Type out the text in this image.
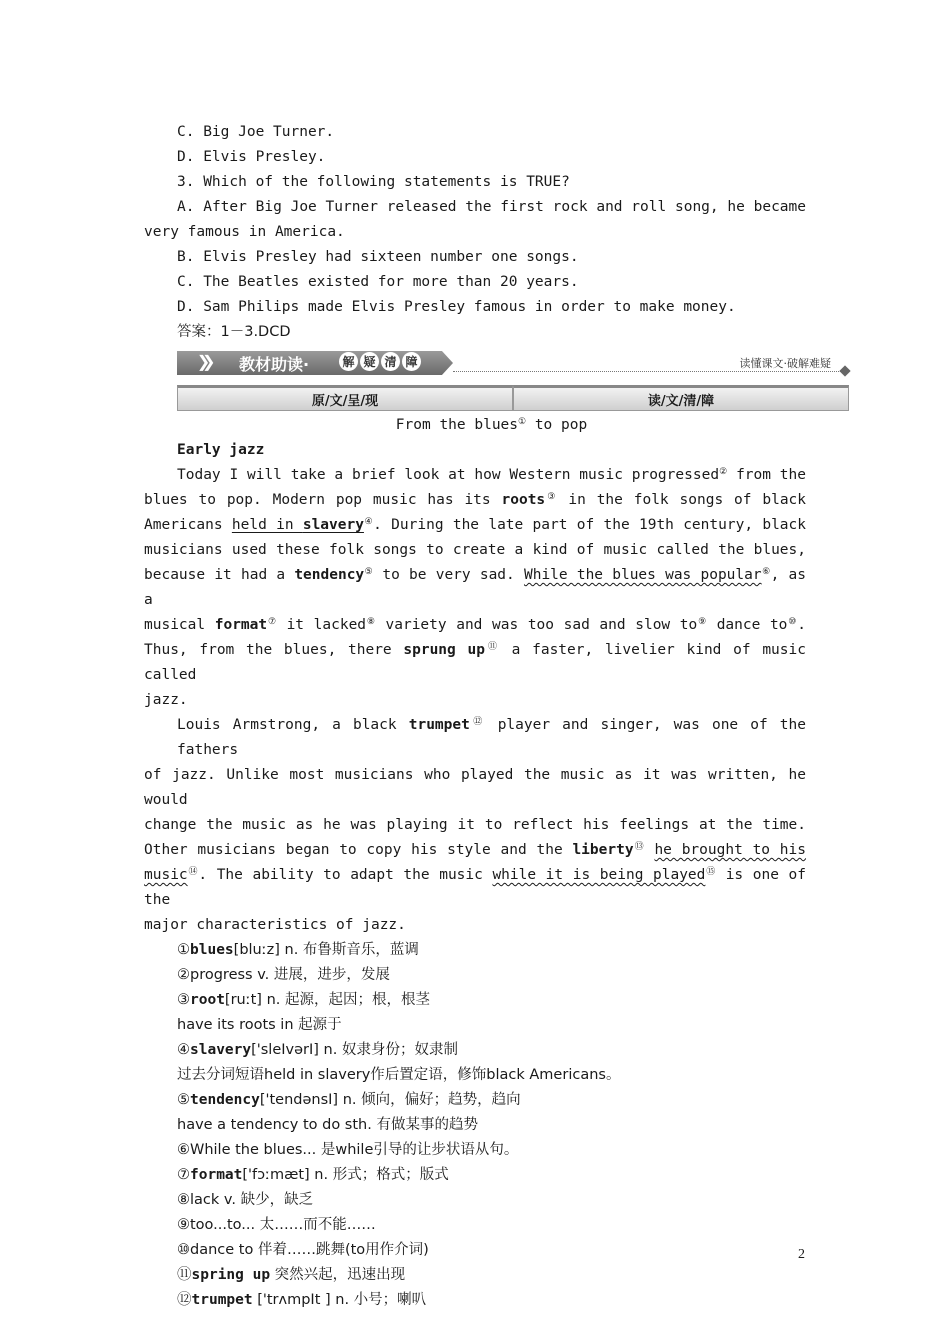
C. Big Joe Turner.
D. Elvis Presley.
3. Which of the following statements is TRUE?
A. After Big Joe Turner released the first rock and roll song, he became
very famous in America.
B. Elvis Presley had sixteen number one songs.
C. The Beatles existed for more than 20 years.
D. Sam Philips made Elvis Presley famous in order to make money.
答案：1－3.DCD
❯❯ 教材助读·	解 疑 清 障	读懂课文·破解难疑
原/文/呈/现	读/文/清/障
From the blues① to pop
Early jazz
Today I will take a brief look at how Western music progressed② from the
blues to pop. Modern pop music has its roots③ in the folk songs of black
Americans held in slavery④. During the late part of the 19th century, black
musicians used these folk songs to create a kind of music called the blues,
because it had a tendency⑤ to be very sad. While the blues was popular⑥, as a
musical format⑦ it lacked⑧ variety and was too sad and slow to⑨ dance to⑩.
Thus, from the blues, there sprung up⑪ a faster, livelier kind of music called
jazz.
Louis Armstrong, a black trumpet⑫ player and singer, was one of the fathers
of jazz. Unlike most musicians who played the music as it was written, he would
change the music as he was playing it to reflect his feelings at the time.
Other musicians began to copy his style and the liberty⑬ he brought to his
music⑭. The ability to adapt the music while it is being played⑮ is one of the
major characteristics of jazz.
①blues[bluːz] n. 布鲁斯音乐，蓝调
②progress v. 进展，进步，发展
③root[ruːt] n. 起源，起因；根，根茎
have its roots in 起源于
④slavery['sleIvərI] n. 奴隶身份；奴隶制
过去分词短语held in slavery作后置定语，修饰black Americans。
⑤tendency['tendənsI] n. 倾向，偏好；趋势，趋向
have a tendency to do sth. 有做某事的趋势
⑥While the blues... 是while引导的让步状语从句。
⑦format['fɔːmæt] n. 形式；格式；版式
⑧lack v. 缺少，缺乏
⑨too...to... 太……而不能……
⑩dance to 伴着……跳舞(to用作介词)
⑪spring up 突然兴起，迅速出现
⑫trumpet ['trʌmpIt ] n. 小号；喇叭
2
